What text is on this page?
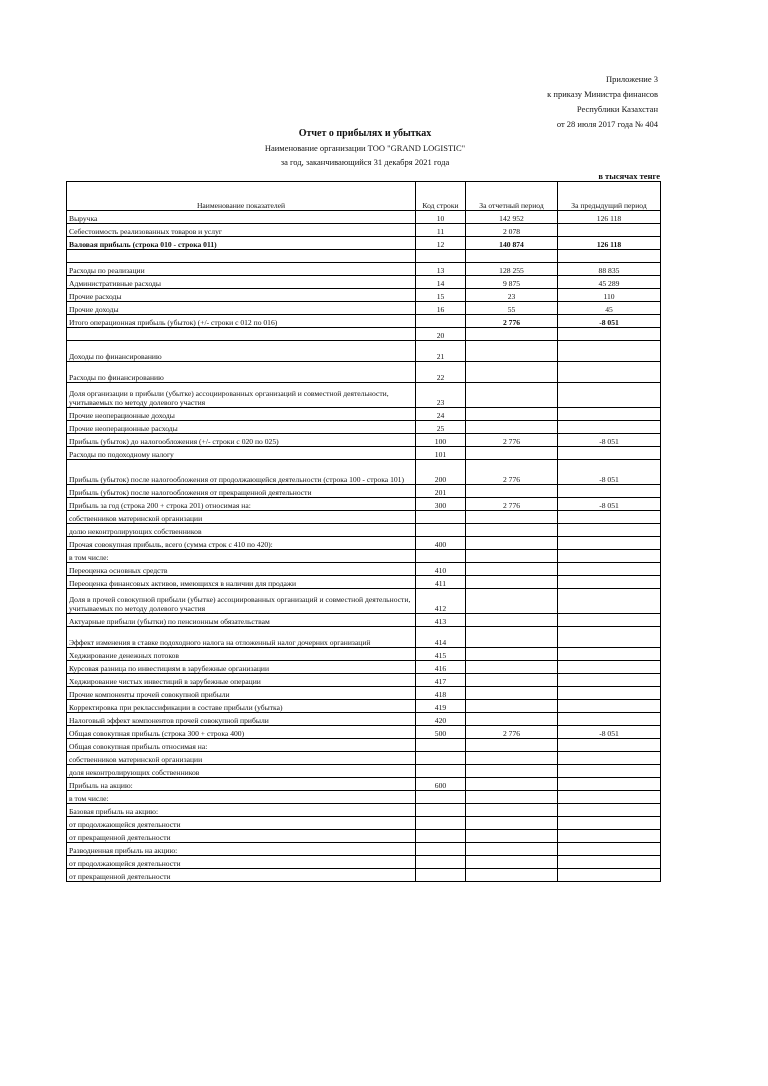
Приложение 3
к приказу Министра финансов
Республики Казахстан
от 28 июля 2017 года № 404
Отчет о прибылях и убытках
Наименование организации ТОО "GRAND LOGISTIC"
за год, заканчивающийся 31 декабря 2021 года
в тысячах тенге
Наименование показателей	Код строки	За отчетный период	За предыдущий период
Выручка	10	142 952	126 118
Себестоимость реализованных товаров и услуг	11	2 078	
Валовая прибыль (строка 010 - строка 011)	12	140 874	126 118

Расходы по реализации	13	128 255	88 835
Административные расходы	14	9 875	45 289
Прочие расходы	15	23	110
Прочие доходы	16	55	45
Итого операционная прибыль (убыток) (+/- строки с 012 по 016)		2 776	-8 051
	20		
Доходы по финансированию	21		
Расходы по финансированию	22		
Доля организации в прибыли (убытке) ассоциированных организаций и совместной деятельности, учитываемых по методу долевого участия	23		
Прочие неоперационные доходы	24		
Прочие неоперационные расходы	25		
Прибыль (убыток) до налогообложения (+/- строки с 020 по 025)	100	2 776	-8 051
Расходы по подоходному налогу	101		
Прибыль (убыток) после налогообложения от продолжающейся деятельности (строка 100 - строка 101)	200	2 776	-8 051
Прибыль (убыток) после налогообложения от прекращенной деятельности	201		
Прибыль за год (строка 200 + строка 201) относимая на:	300	2 776	-8 051
собственников материнской организации			
долю неконтролирующих собственников			
Прочая совокупная прибыль, всего (сумма строк с 410 по 420):	400		
в том числе:			
Переоценка основных средств	410		
Переоценка финансовых активов, имеющихся в наличии для продажи	411		
Доля в прочей совокупной прибыли (убытке) ассоциированных организаций и совместной деятельности, учитываемых по методу долевого участия	412		
Актуарные прибыли (убытки) по пенсионным обязательствам	413		
Эффект изменения в ставке подоходного налога на отложенный налог дочерних организаций	414		
Хеджирование денежных потоков	415		
Курсовая разница по инвестициям в зарубежные организации	416		
Хеджирование чистых инвестиций в зарубежные операции	417		
Прочие компоненты прочей совокупной прибыли	418		
Корректировка при реклассификации в составе прибыли (убытка)	419		
Налоговый эффект компонентов прочей совокупной прибыли	420		
Общая совокупная прибыль (строка 300 + строка 400)	500	2 776	-8 051
Общая совокупная прибыль относимая на:			
собственников материнской организации			
доля неконтролирующих собственников			
Прибыль на акцию:	600		
в том числе:			
Базовая прибыль на акцию:			
от продолжающейся деятельности			
от прекращенной деятельности			
Разводненная прибыль на акцию:			
от продолжающейся деятельности			
от прекращенной деятельности			
